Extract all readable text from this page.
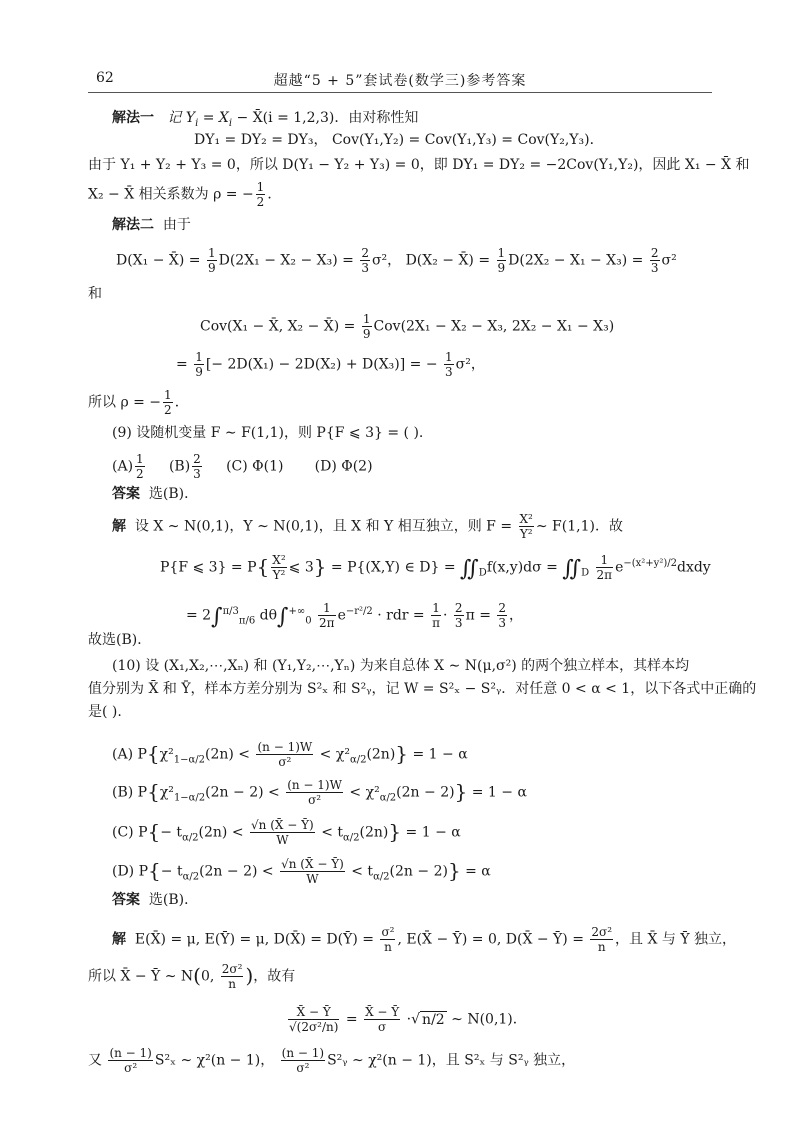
62	超越“5 + 5”套试卷(数学三)参考答案
解法一 记 $Y_i = X_i$ − X̄(i = 1,2,3)．由对称性知
DY₁ = DY₂ = DY₃， Cov(Y₁,Y₂) = Cov(Y₁,Y₃) = Cov(Y₂,Y₃)．
由于 Y₁ + Y₂ + Y₃ = 0，所以 D(Y₁ − Y₂ + Y₃) = 0，即 DY₁ = DY₂ = −2Cov(Y₁,Y₂)，因此 X₁ − X̄ 和
X₂ − X̄ 相关系数为 ρ = − $\frac{1}{2}$ ．
解法二 由于
D(X₁ − X̄) = $\frac{1}{9} D(2X_1 - X_2 - X_3) = \frac{2}{3} \sigma^2$， D(X₂ − X̄) = $\frac{1}{9} D(2X_2 - X_1 - X_3) = \frac{2}{3} \sigma^2$
和
Cov(X₁ − X̄, X₂ − X̄) = $\frac{1}{9} Cov(2X_1 - X_2 - X_3$, 2X₂ − X₁ − X₃)
= $\frac{1}{9}$ [− 2D(X₁) − 2D(X₂) + D(X₃)] = − $\frac{1}{3} \sigma^2$，
所以 ρ = − $\frac{1}{2}$ ．
(9) 设随机变量 F ∼ F(1,1)，则 P{F ⩽ 3} = ( ).
$(A) \frac{1}{2} (B) \frac{2}{3} (C)$ Φ(1) (D) Φ(2)
答案 选(B)．
解 设 X ∼ N(0,1)，Y ∼ N(0,1)，且 X 和 Y 相互独立，则 $F = \frac{\text{X²}}{\text{Y²}}$ ∼ F(1,1)．故
P{F ⩽ $3\} = P\{ \frac{\text{X²}}{\text{Y²}}$ ⩽ 3} = P{(X,Y) ∈ $D\} = ∬_Df(x,y)d\sigma$ = $∬_D \frac{1}{2\pi}$ $e^{-(x^2+y^2)/2}dxdy$
= 2∫$^{\pi/3}_{\pi/6}$ $d\theta\int^{+\infty}_0 \frac{1}{2\pi} e^{-r^2/2}$ · rdr = $\frac{1}{\pi} \cdot \frac{2}{3}$ $\pi = \frac{2}{3}$ ，
故选(B)．
(10) 设 (X₁,X₂,⋯,Xₙ) 和 (Y₁,Y₂,⋯,Yₙ) 为来自总体 X ∼ N(μ,σ²) 的两个独立样本，其样本均
值分别为 X̄ 和 Ȳ，样本方差分别为 S²ₓ 和 S²ᵧ，记 W = S²ₓ − S²ᵧ．对任意 0 < α < 1，以下各式中正确的
是( ).
(A) $P\{\chi^2_{1-\alpha/2}(2n) < \frac{(n - 1)W}{\text{σ²}} < \chi^2_{\alpha/2}(2n)\} = 1 - \alpha$
(B) $P\{\chi^2_{1-\alpha/2}(2n - 2) < \frac{(n - 1)W}{\text{σ²}} < \chi^2_{\alpha/2}(2n - 2)\} = 1 - \alpha$
(C) $P\{- t_{\alpha/2}(2n) < \frac{√n (X̄ - Ȳ)}{W} < t_{\alpha/2}(2n)\} = 1 - \alpha$
(D) $P\{- t_{\alpha/2}(2n - 2) < \frac{√n (X̄ - Ȳ)}{W} < t_{\alpha/2}(2n - 2)\} = \alpha$
答案 选(B)．
解 E(X̄) = μ, E(Ȳ) = μ, D(X̄) = D(Ȳ) = $\frac{\text{σ²}}{n}$ , E(X̄ − Ȳ) = 0, D(X̄ − Ȳ) = $\frac{\text{2σ²}}{n}$ ，且 X̄ 与 Ȳ 独立，
所以 X̄ − Ȳ ∼ N(0, $\frac{\text{2σ²}}{n}$ )，故有
$\frac{X̄ - Ȳ}{\text{√(2σ²/n)}} = \frac{X̄ - Ȳ}{\sigma}$ ·√ n/2 ∼ N(0,1)．
又 $\frac{(n - 1)}{\text{σ²}} S^2_x$ ∼ χ²(n − 1)， $\frac{(n - 1)}{\text{σ²}}$ S²ᵧ ∼ χ²(n − 1)，且 S²ₓ 与 S²ᵧ 独立，
